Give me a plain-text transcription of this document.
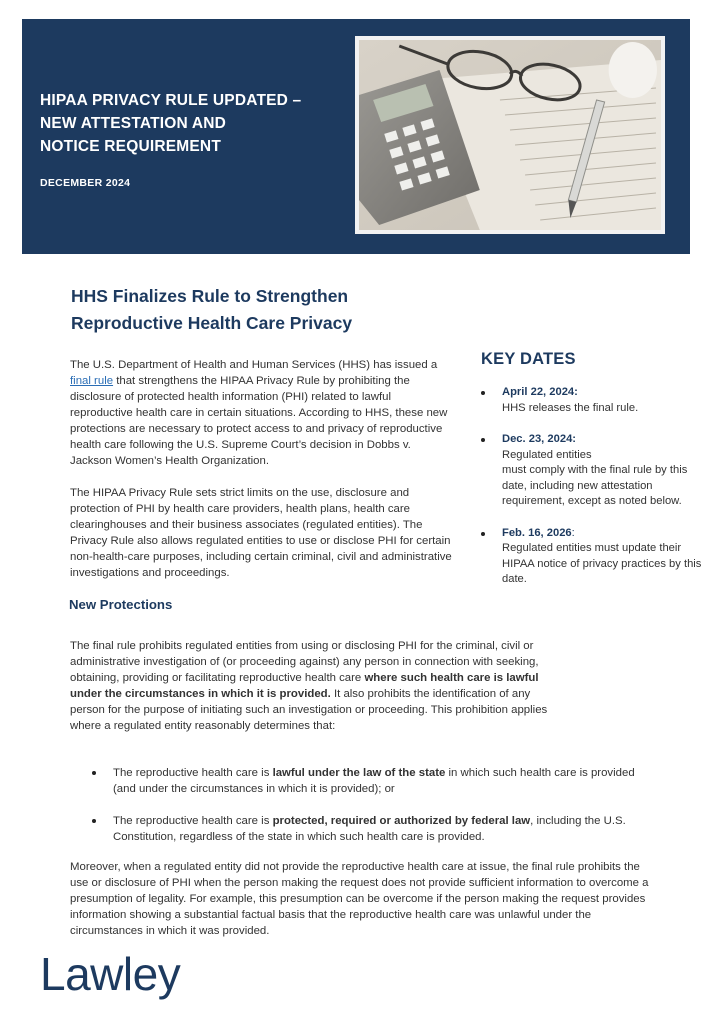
HIPAA PRIVACY RULE UPDATED –
NEW ATTESTATION AND
NOTICE REQUIREMENT
DECEMBER 2024
HHS Finalizes Rule to Strengthen
Reproductive Health Care Privacy

The U.S. Department of Health and Human Services (HHS) has issued a final rule that strengthens the HIPAA Privacy Rule by prohibiting the disclosure of protected health information (PHI) related to lawful reproductive health care in certain situations. According to HHS, these new protections are necessary to protect access to and privacy of reproductive health care following the U.S. Supreme Court’s decision in Dobbs v. Jackson Women’s Health Organization.

The HIPAA Privacy Rule sets strict limits on the use, disclosure and protection of PHI by health care providers, health plans, health care clearinghouses and their business associates (regulated entities). The Privacy Rule also allows regulated entities to use or disclose PHI for certain non-health-care purposes, including certain criminal, civil and administrative investigations and proceedings.

KEY DATES
April 22, 2024:
HHS releases the final rule.
Dec. 23, 2024:
Regulated entities
must comply with the final rule by this date, including new attestation requirement, except as noted below.
Feb. 16, 2026:
Regulated entities must update their HIPAA notice of privacy practices by this date.
New Protections

The final rule prohibits regulated entities from using or disclosing PHI for the criminal, civil or administrative investigation of (or proceeding against) any person in connection with seeking, obtaining, providing or facilitating reproductive health care where such health care is lawful under the circumstances in which it is provided. It also prohibits the identification of any person for the purpose of initiating such an investigation or proceeding. This prohibition applies where a regulated entity reasonably determines that:

The reproductive health care is lawful under the law of the state in which such health care is provided (and under the circumstances in which it is provided); or
The reproductive health care is protected, required or authorized by federal law, including the U.S. Constitution, regardless of the state in which such health care is provided.

Moreover, when a regulated entity did not provide the reproductive health care at issue, the final rule prohibits the use or disclosure of PHI when the person making the request does not provide sufficient information to overcome a presumption of legality. For example, this presumption can be overcome if the person making the request provides information showing a substantial factual basis that the reproductive health care was unlawful under the circumstances in which it was provided.

Lawley
